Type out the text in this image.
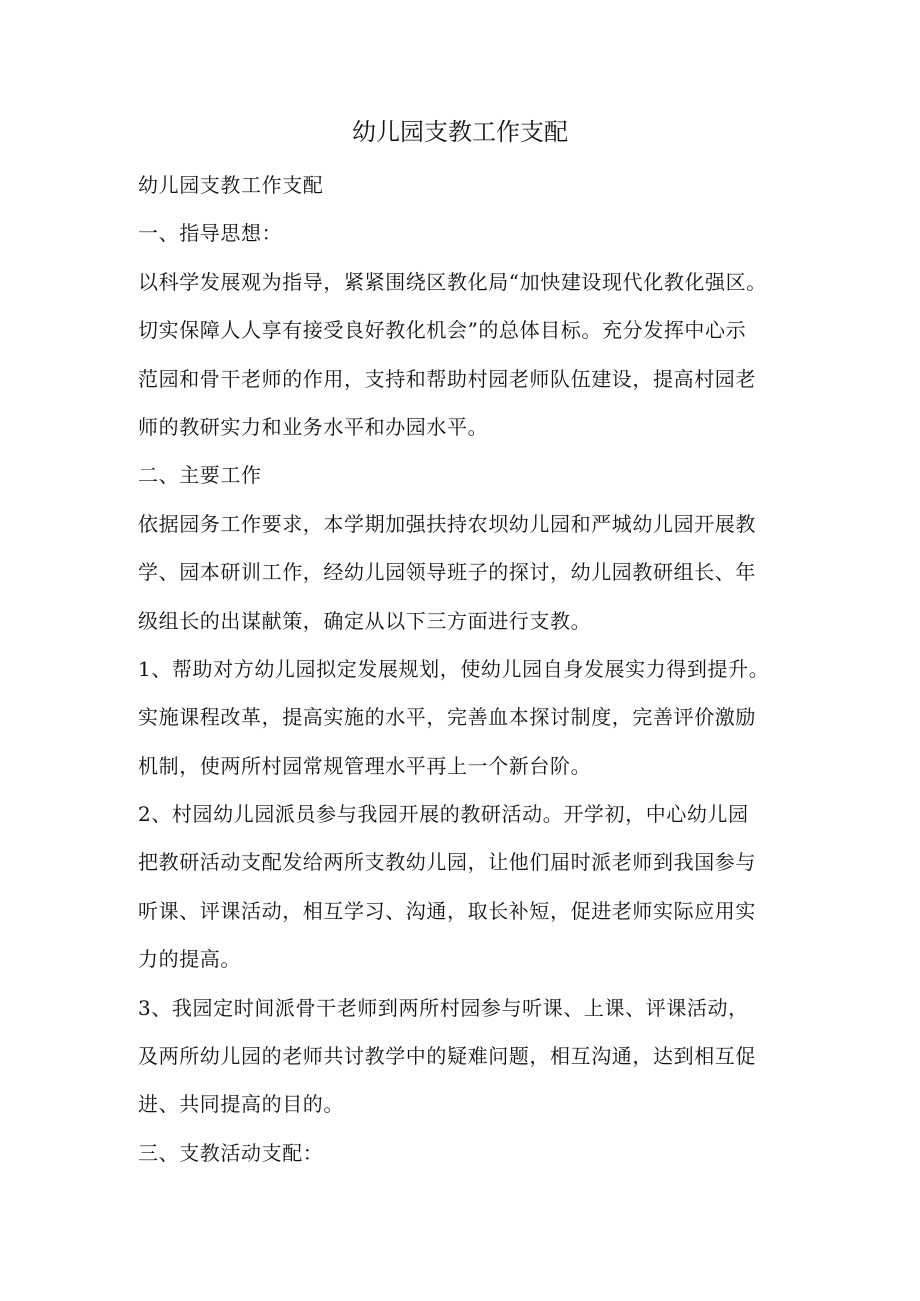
幼儿园支教工作支配
幼儿园支教工作支配
一、指导思想：
以科学发展观为指导，紧紧围绕区教化局“加快建设现代化教化强区。
切实保障人人享有接受良好教化机会”的总体目标。充分发挥中心示
范园和骨干老师的作用，支持和帮助村园老师队伍建设，提高村园老
师的教研实力和业务水平和办园水平。
二、主要工作
依据园务工作要求，本学期加强扶持农坝幼儿园和严城幼儿园开展教
学、园本研训工作，经幼儿园领导班子的探讨，幼儿园教研组长、年
级组长的出谋献策，确定从以下三方面进行支教。
1、帮助对方幼儿园拟定发展规划，使幼儿园自身发展实力得到提升。
实施课程改革，提高实施的水平，完善血本探讨制度，完善评价激励
机制，使两所村园常规管理水平再上一个新台阶。
2、村园幼儿园派员参与我园开展的教研活动。开学初，中心幼儿园
把教研活动支配发给两所支教幼儿园，让他们届时派老师到我国参与
听课、评课活动，相互学习、沟通，取长补短，促进老师实际应用实
力的提高。
3、我园定时间派骨干老师到两所村园参与听课、上课、评课活动，
及两所幼儿园的老师共讨教学中的疑难问题，相互沟通，达到相互促
进、共同提高的目的。
三、支教活动支配：
